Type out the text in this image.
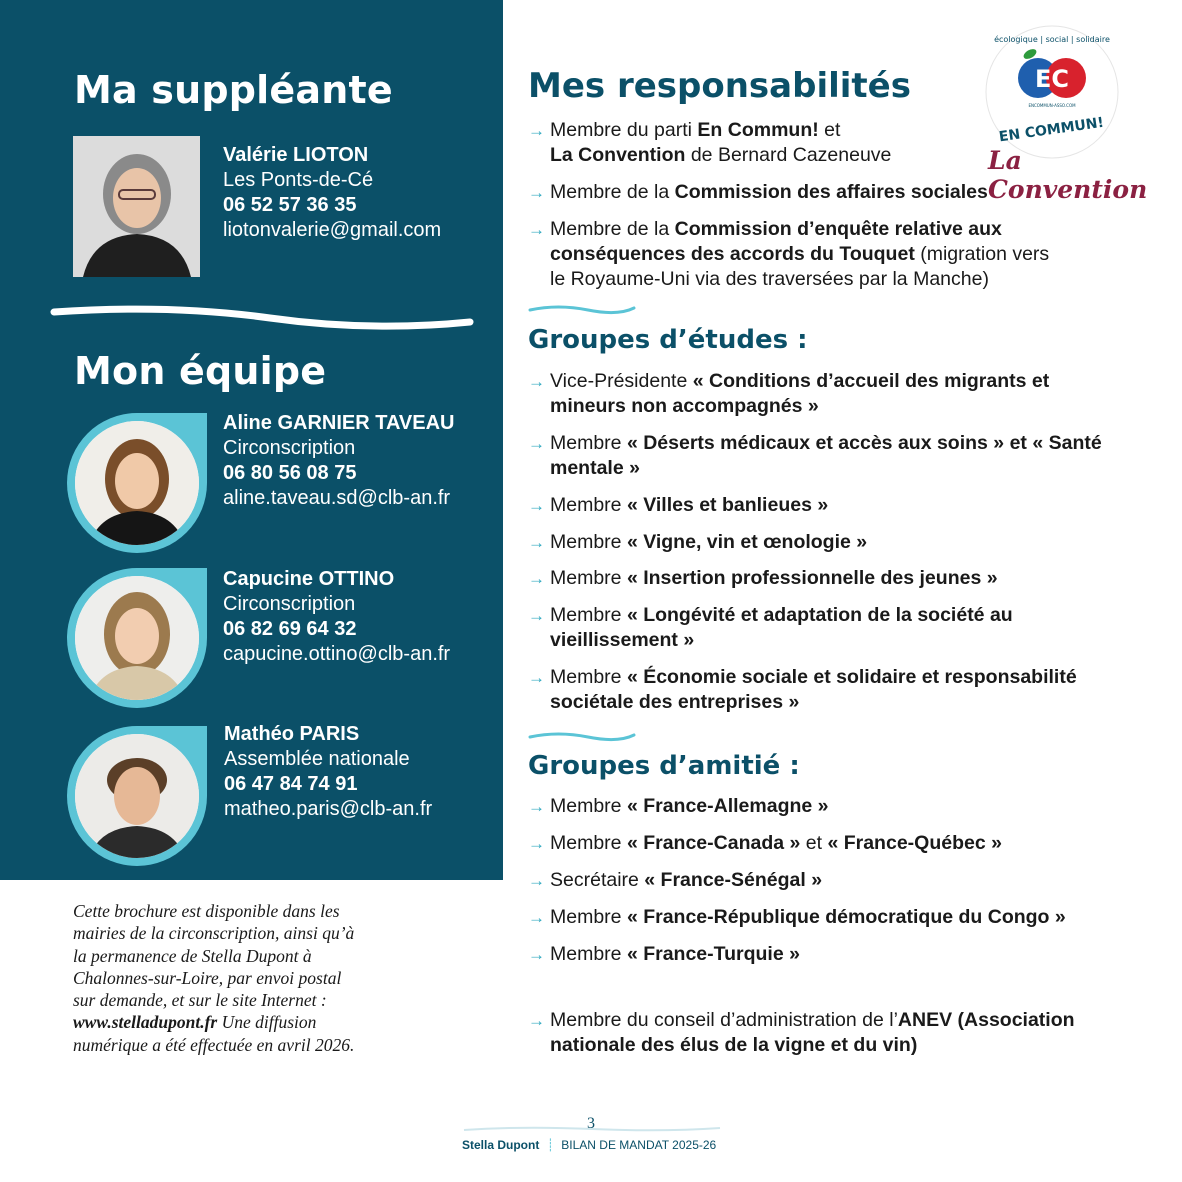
Ma suppléante
Valérie LIOTON
Les Ponts-de-Cé
06 52 57 36 35
liotonvalerie@gmail.com
Mon équipe
Aline GARNIER TAVEAU
Circonscription
06 80 56 08 75
aline.taveau.sd@clb-an.fr
Capucine OTTINO
Circonscription
06 82 69 64 32
capucine.ottino@clb-an.fr
Mathéo PARIS
Assemblée nationale
06 47 84 74 91
matheo.paris@clb-an.fr
Cette brochure est disponible dans les mairies de la circonscription, ainsi qu’à la permanence de Stella Dupont à Chalonnes-sur-Loire, par envoi postal sur demande, et sur le site Internet : www.stelladupont.fr Une diffusion numérique a été effectuée en avril 2026.
Mes responsabilités
→ Membre du parti En Commun! et
La Convention de Bernard Cazeneuve
→ Membre de la Commission des affaires sociales
→ Membre de la Commission d’enquête relative aux conséquences des accords du Touquet (migration vers le Royaume-Uni via des traversées par la Manche)
Groupes d’études :
→ Vice-Présidente « Conditions d’accueil des migrants et mineurs non accompagnés »
→ Membre « Déserts médicaux et accès aux soins » et « Santé mentale »
→ Membre « Villes et banlieues »
→ Membre « Vigne, vin et œnologie »
→ Membre « Insertion professionnelle des jeunes »
→ Membre « Longévité et adaptation de la société au vieillissement »
→ Membre « Économie sociale et solidaire et responsabilité sociétale des entreprises »
Groupes d’amitié :
→ Membre « France-Allemagne »
→ Membre « France-Canada » et « France-Québec »
→ Secrétaire « France-Sénégal »
→ Membre « France-République démocratique du Congo »
→ Membre « France-Turquie »
→ Membre du conseil d’administration de l’ANEV (Association nationale des élus de la vigne et du vin)
EC
ENCOMMUN-ASSO.COM
EN COMMUN!
écologique | social | solidaire
La Convention
3
Stella Dupont ┊ BILAN DE MANDAT 2025-26
